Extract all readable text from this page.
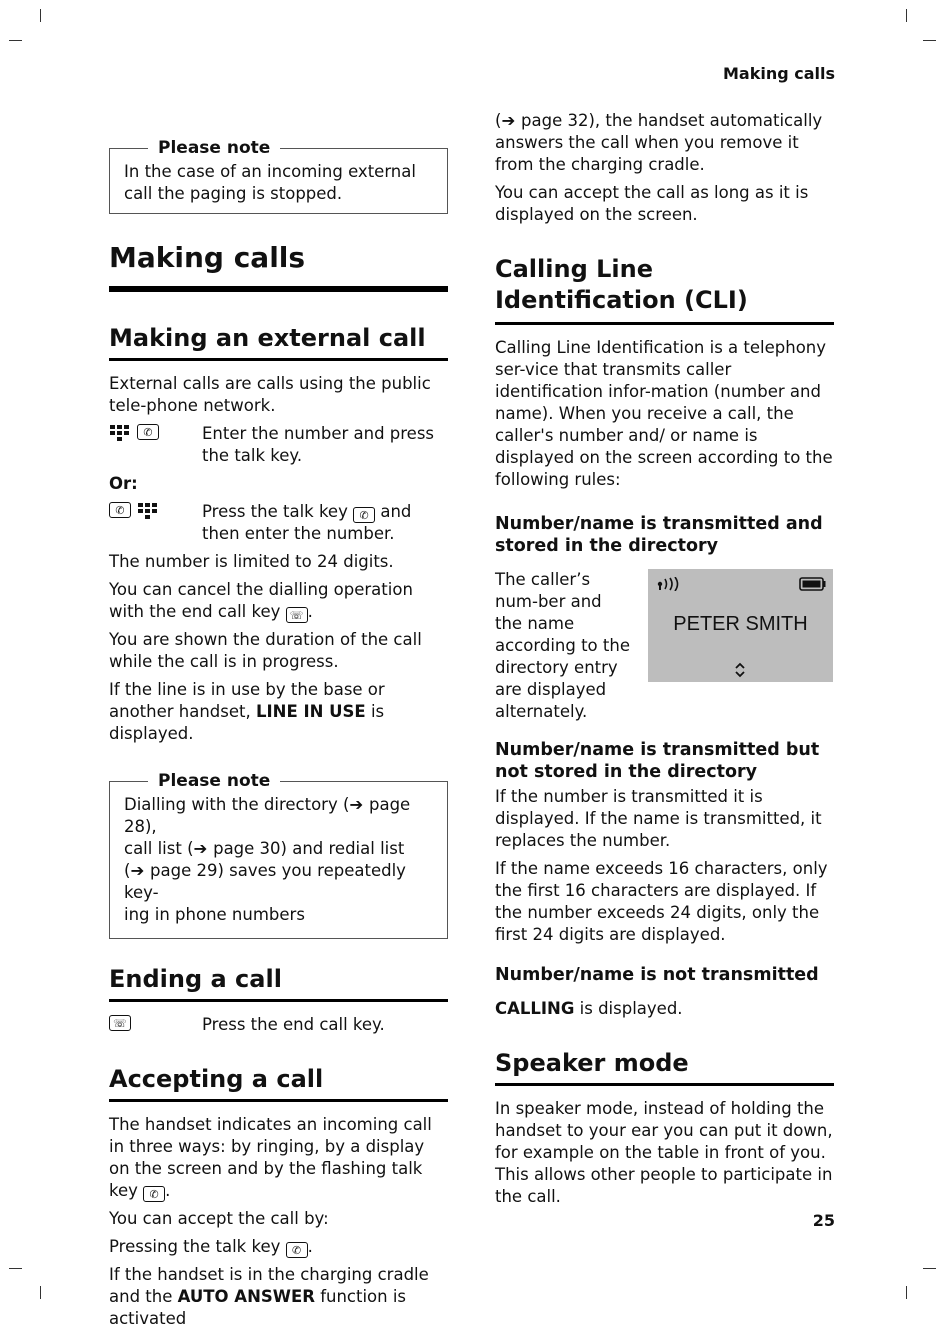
Making calls
Please note

In the case of an incoming external call the paging is stopped.

Making calls
Making an external call

External calls are calls using the public tele-phone network.

✆	Enter the number and press the talk key.

Or:

✆	Press the talk key ✆ and then enter the number.

The number is limited to 24 digits.

You can cancel the dialling operation with the end call key ☏ .

You are shown the duration of the call while the call is in progress.

If the line is in use by the base or another handset, LINE IN USE is displayed.

Please note
Dialling with the directory (➔ page 28),
call list (➔ page 30) and redial list
(➔ page 29) saves you repeatedly key-
ing in phone numbers
Ending a call
☏	Press the end call key.
Accepting a call

The handset indicates an incoming call in three ways: by ringing, by a display on the screen and by the flashing talk key ✆ .

You can accept the call by:

Pressing the talk key ✆ .

If the handset is in the charging cradle and the AUTO ANSWER function is activated

(➔ page 32), the handset automatically answers the call when you remove it from the charging cradle.

You can accept the call as long as it is displayed on the screen.

Calling Line Identification (CLI)

Calling Line Identification is a telephony ser-vice that transmits caller identification infor-mation (number and name). When you receive a call, the caller's number and/ or name is displayed on the screen according to the following rules:

Number/name is transmitted and stored in the directory
The caller’s num-ber and the name according to the directory entry are displayed alternately.
PETER SMITH
Number/name is transmitted but not stored in the directory

If the number is transmitted it is displayed. If the name is transmitted, it replaces the number.

If the name exceeds 16 characters, only the first 16 characters are displayed. If the number exceeds 24 digits, only the first 24 digits are displayed.

Number/name is not transmitted

CALLING is displayed.

Speaker mode

In speaker mode, instead of holding the handset to your ear you can put it down, for example on the table in front of you. This allows other people to participate in the call.

25
